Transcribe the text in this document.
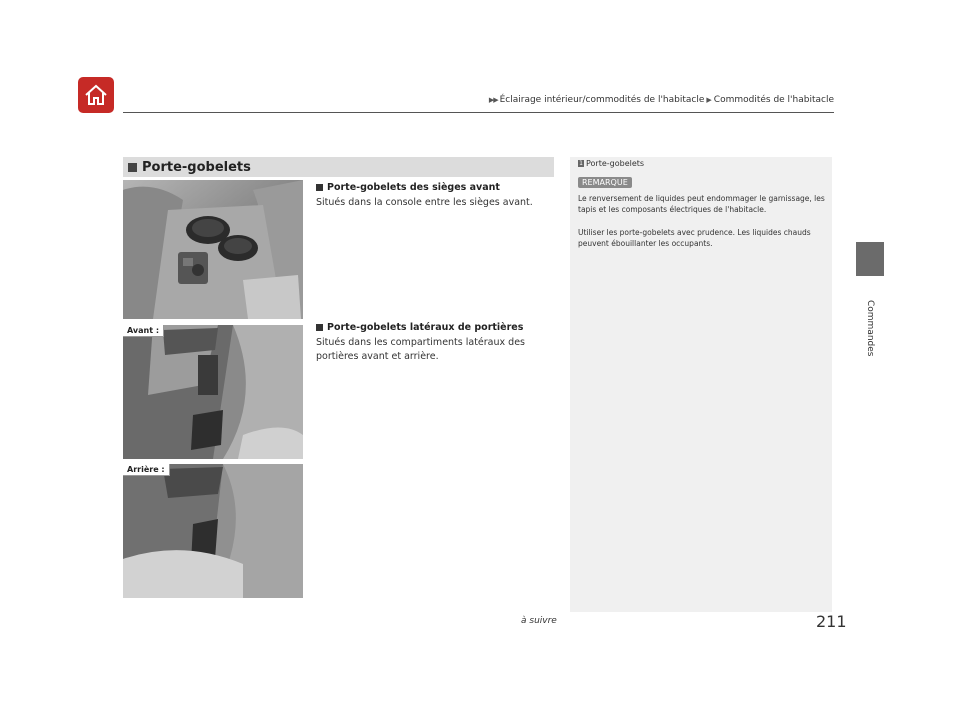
▶▶ Éclairage intérieur/commodités de l'habitacle ▶ Commodités de l'habitacle
Commandes
Porte-gobelets
Avant :
Arrière :
Porte-gobelets des sièges avant
Situés dans la console entre les sièges avant.
Porte-gobelets latéraux de portières
Situés dans les compartiments latéraux des portières avant et arrière.
1 Porte-gobelets
REMARQUE
Le renversement de liquides peut endommager le garnissage, les tapis et les composants électriques de l'habitacle.
Utiliser les porte-gobelets avec prudence. Les liquides chauds peuvent ébouillanter les occupants.
à suivre	211
